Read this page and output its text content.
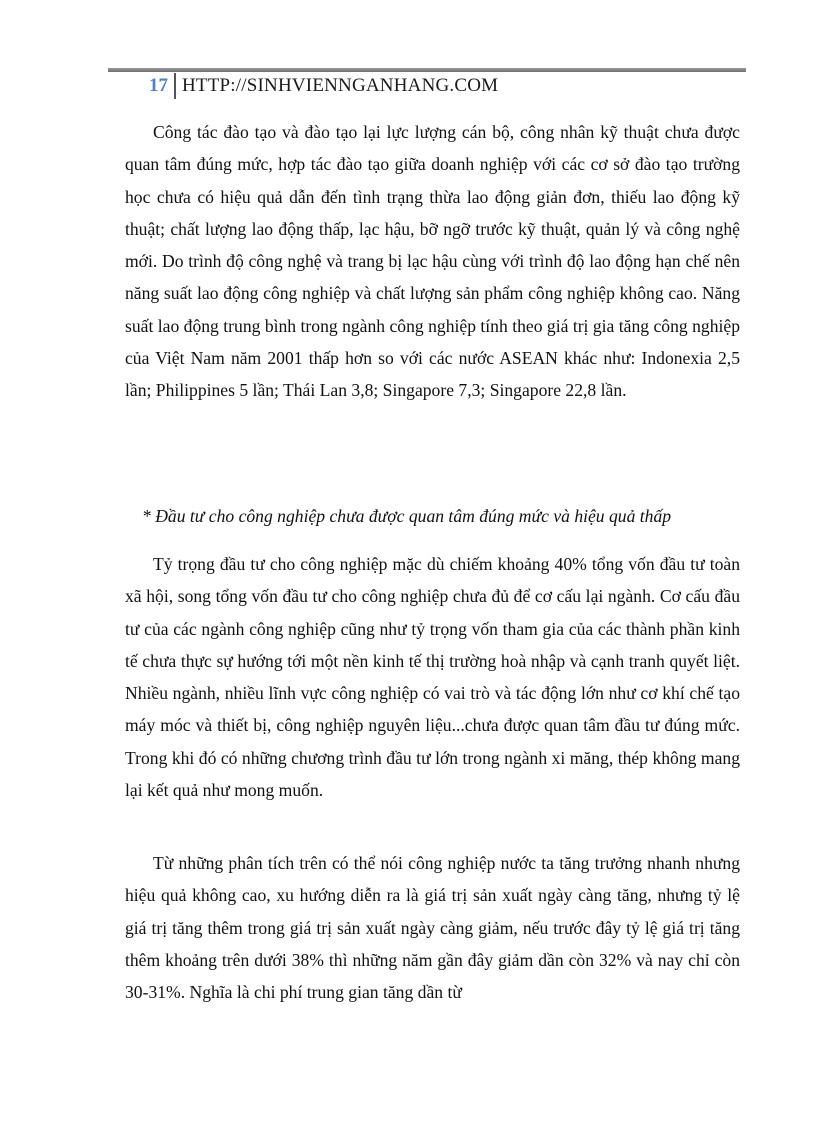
17 HTTP://SINHVIENNGANHANG.COM

Công tác đào tạo và đào tạo lại lực lượng cán bộ, công nhân kỹ thuật chưa được quan tâm đúng mức, hợp tác đào tạo giữa doanh nghiệp với các cơ sở đào tạo trường học chưa có hiệu quả dẫn đến tình trạng thừa lao động giản đơn, thiếu lao động kỹ thuật; chất lượng lao động thấp, lạc hậu, bỡ ngỡ trước kỹ thuật, quản lý và công nghệ mới. Do trình độ công nghệ và trang bị lạc hậu cùng với trình độ lao động hạn chế nên năng suất lao động công nghiệp và chất lượng sản phẩm công nghiệp không cao. Năng suất lao động trung bình trong ngành công nghiệp tính theo giá trị gia tăng công nghiệp của Việt Nam năm 2001 thấp hơn so với các nước ASEAN khác như: Indonexia 2,5 lần; Philippines 5 lần; Thái Lan 3,8; Singapore 7,3; Singapore 22,8 lần.

* Đầu tư cho công nghiệp chưa được quan tâm đúng mức và hiệu quả thấp

Tỷ trọng đầu tư cho công nghiệp mặc dù chiếm khoảng 40% tổng vốn đầu tư toàn xã hội, song tổng vốn đầu tư cho công nghiệp chưa đủ để cơ cấu lại ngành. Cơ cấu đầu tư của các ngành công nghiệp cũng như tỷ trọng vốn tham gia của các thành phần kinh tế chưa thực sự hướng tới một nền kinh tế thị trường hoà nhập và cạnh tranh quyết liệt. Nhiều ngành, nhiều lĩnh vực công nghiệp có vai trò và tác động lớn như cơ khí chế tạo máy móc và thiết bị, công nghiệp nguyên liệu...chưa được quan tâm đầu tư đúng mức. Trong khi đó có những chương trình đầu tư lớn trong ngành xi măng, thép không mang lại kết quả như mong muốn.

Từ những phân tích trên có thể nói công nghiệp nước ta tăng trưởng nhanh nhưng hiệu quả không cao, xu hướng diễn ra là giá trị sản xuất ngày càng tăng, nhưng tỷ lệ giá trị tăng thêm trong giá trị sản xuất ngày càng giảm, nếu trước đây tỷ lệ giá trị tăng thêm khoảng trên dưới 38% thì những năm gần đây giảm dần còn 32% và nay chỉ còn 30-31%. Nghĩa là chi phí trung gian tăng dần từ
